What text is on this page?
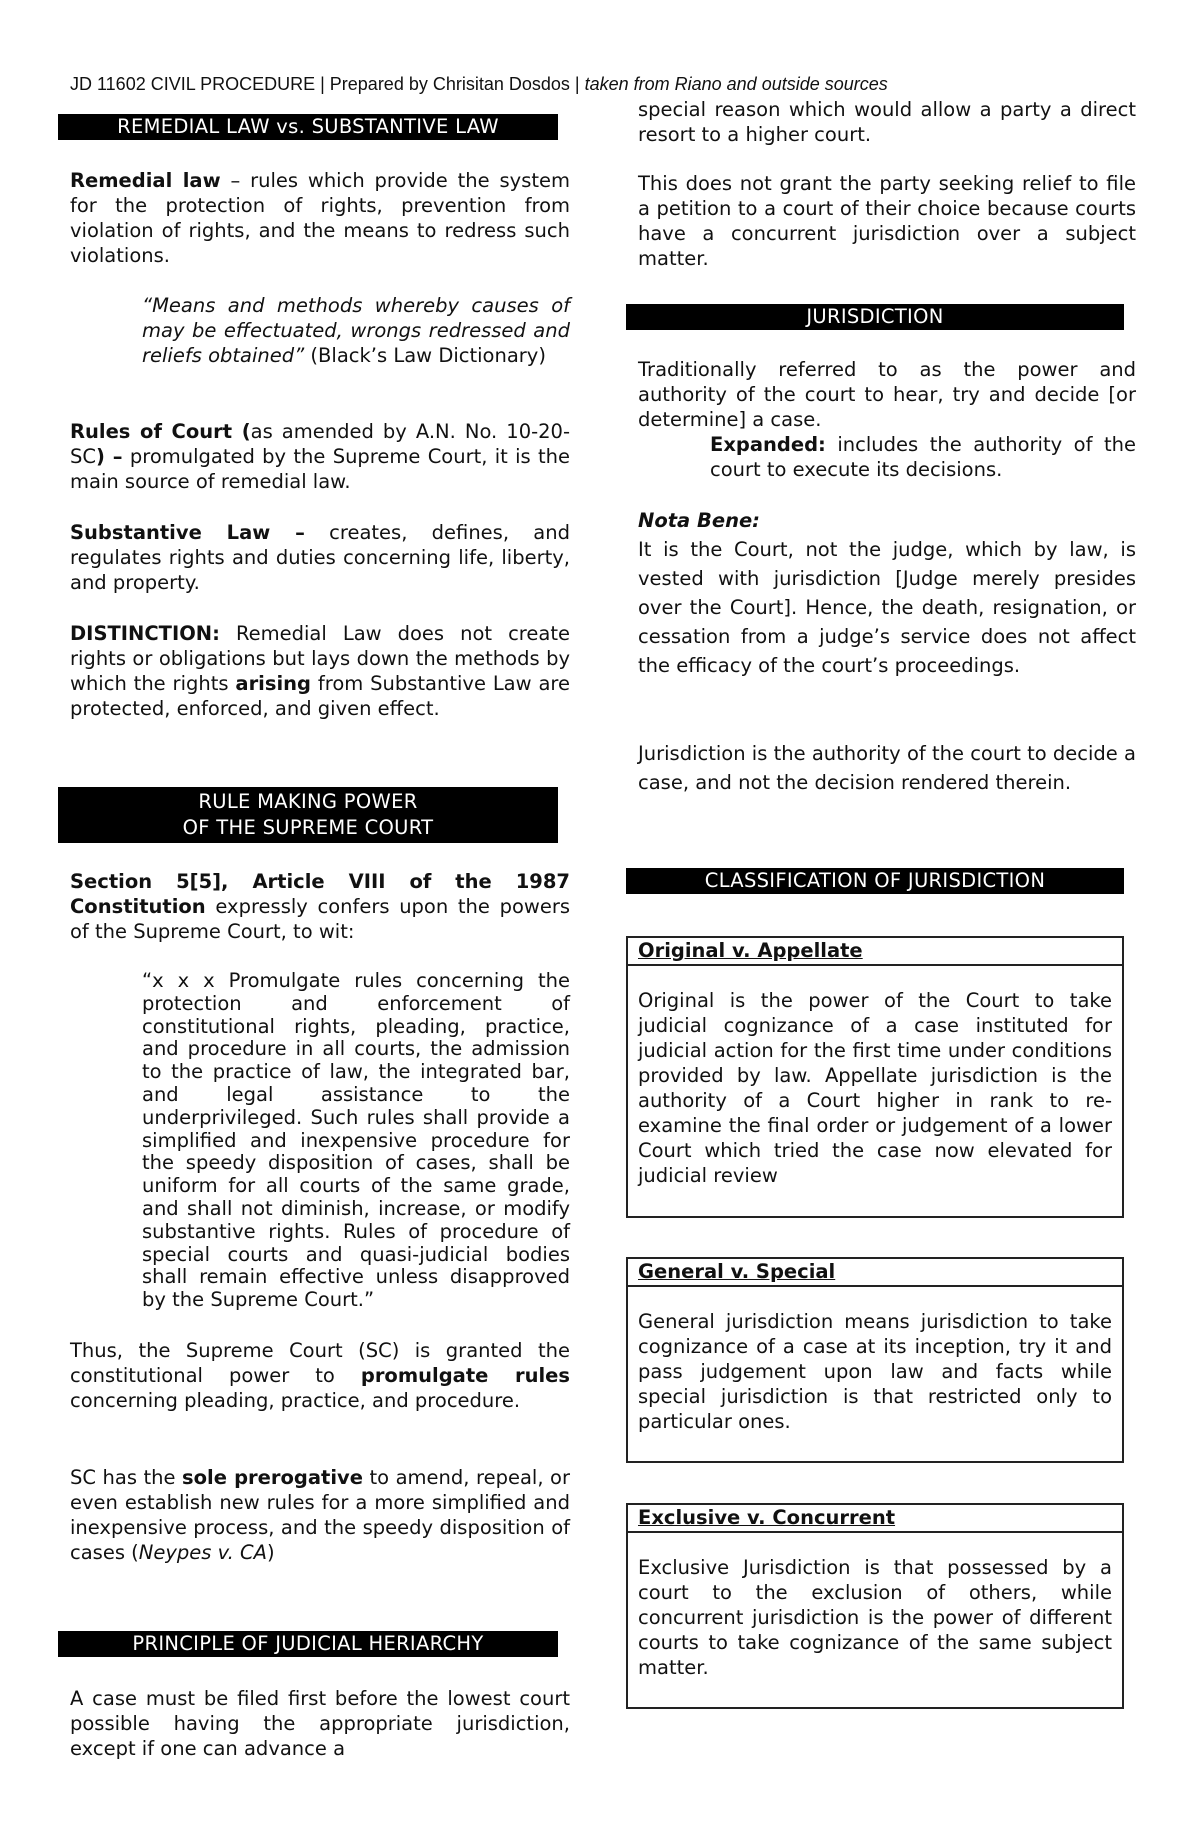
JD 11602 CIVIL PROCEDURE | Prepared by Chrisitan Dosdos | taken from Riano and outside sources
REMEDIAL LAW vs. SUBSTANTIVE LAW

Remedial law – rules which provide the system for the protection of rights, prevention from violation of rights, and the means to redress such violations.

“Means and methods whereby causes of may be effectuated, wrongs redressed and reliefs obtained” (Black’s Law Dictionary)

Rules of Court (as amended by A.N. No. 10-20-SC) – promulgated by the Supreme Court, it is the main source of remedial law.

Substantive Law – creates, defines, and regulates rights and duties concerning life, liberty, and property.

DISTINCTION: Remedial Law does not create rights or obligations but lays down the methods by which the rights arising from Substantive Law are protected, enforced, and given effect.

RULE MAKING POWER
OF THE SUPREME COURT

Section 5[5], Article VIII of the 1987 Constitution expressly confers upon the powers of the Supreme Court, to wit:

“x x x Promulgate rules concerning the protection and enforcement of constitutional rights, pleading, practice, and procedure in all courts, the admission to the practice of law, the integrated bar, and legal assistance to the underprivileged. Such rules shall provide a simplified and inexpensive procedure for the speedy disposition of cases, shall be uniform for all courts of the same grade, and shall not diminish, increase, or modify substantive rights. Rules of procedure of special courts and quasi-judicial bodies shall remain effective unless disapproved by the Supreme Court.”

Thus, the Supreme Court (SC) is granted the constitutional power to promulgate rules concerning pleading, practice, and procedure.

SC has the sole prerogative to amend, repeal, or even establish new rules for a more simplified and inexpensive process, and the speedy disposition of cases (Neypes v. CA)

PRINCIPLE OF JUDICIAL HERIARCHY

A case must be filed first before the lowest court possible having the appropriate jurisdiction, except if one can advance a

special reason which would allow a party a direct resort to a higher court.

This does not grant the party seeking relief to file a petition to a court of their choice because courts have a concurrent jurisdiction over a subject matter.

JURISDICTION

Traditionally referred to as the power and authority of the court to hear, try and decide [or determine] a case.

Expanded: includes the authority of the court to execute its decisions.

Nota Bene:

It is the Court, not the judge, which by law, is vested with jurisdiction [Judge merely presides over the Court]. Hence, the death, resignation, or cessation from a judge’s service does not affect the efficacy of the court’s proceedings.

Jurisdiction is the authority of the court to decide a case, and not the decision rendered therein.

CLASSIFICATION OF JURISDICTION
Original v. Appellate
Original is the power of the Court to take judicial cognizance of a case instituted for judicial action for the first time under conditions provided by law. Appellate jurisdiction is the authority of a Court higher in rank to re-examine the final order or judgement of a lower Court which tried the case now elevated for judicial review
General v. Special
General jurisdiction means jurisdiction to take cognizance of a case at its inception, try it and pass judgement upon law and facts while special jurisdiction is that restricted only to particular ones.
Exclusive v. Concurrent
Exclusive Jurisdiction is that possessed by a court to the exclusion of others, while concurrent jurisdiction is the power of different courts to take cognizance of the same subject matter.
